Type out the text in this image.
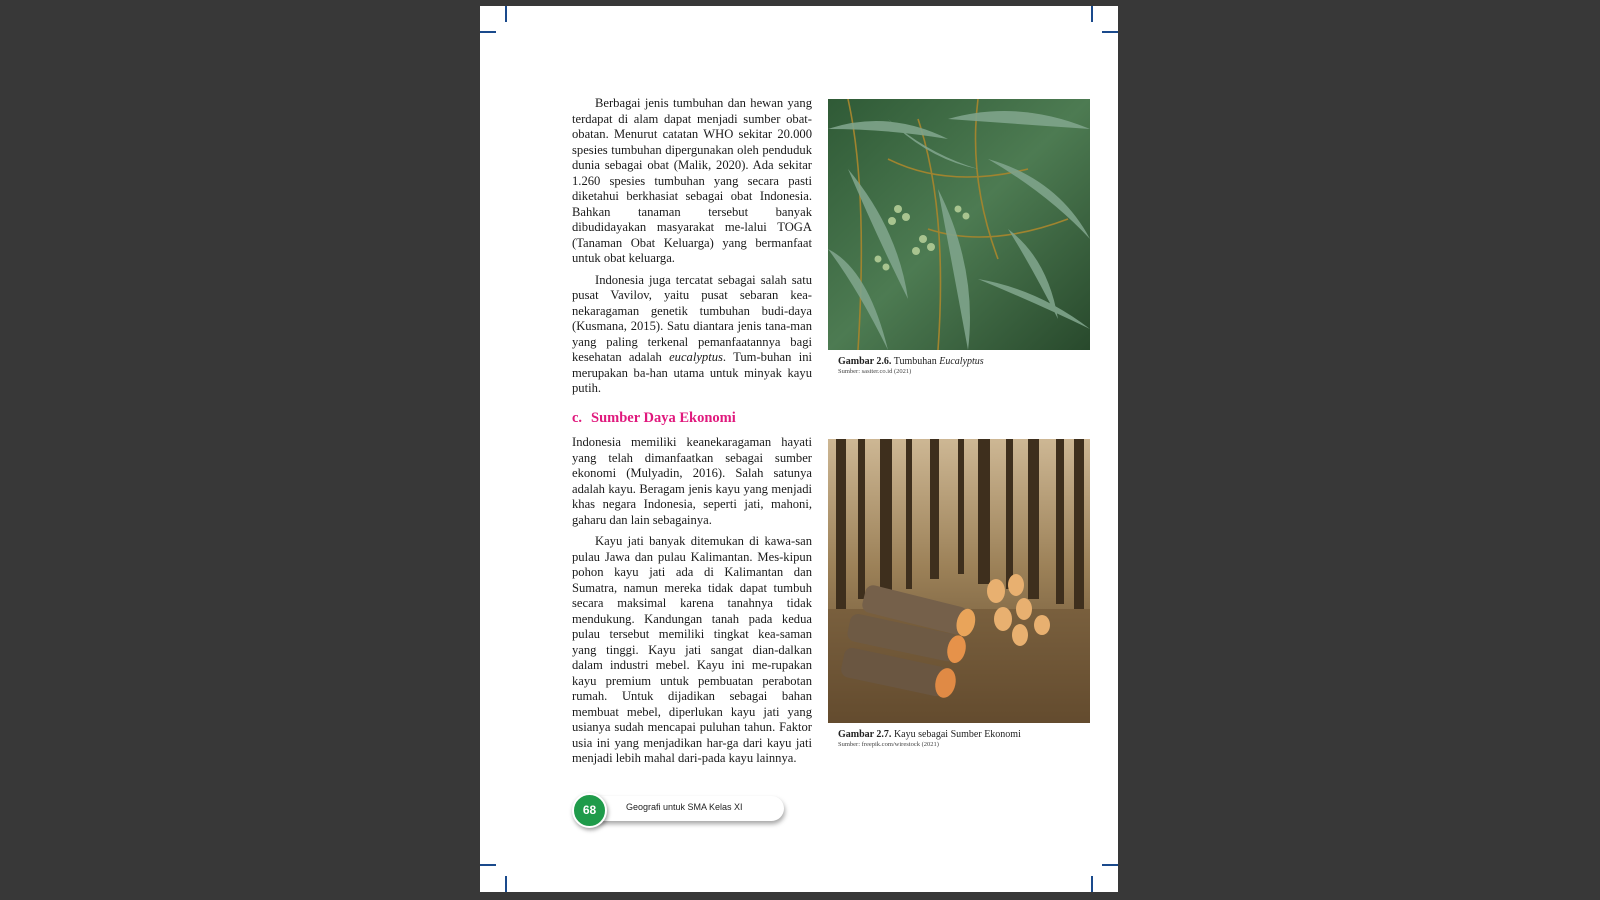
Berbagai jenis tumbuhan dan hewan yang terdapat di alam dapat menjadi sumber obat-obatan. Menurut catatan WHO sekitar 20.000 spesies tumbuhan dipergunakan oleh penduduk dunia sebagai obat (Malik, 2020). Ada sekitar 1.260 spesies tumbuhan yang secara pasti diketahui berkhasiat sebagai obat Indonesia. Bahkan tanaman tersebut banyak dibudidayakan masyarakat me-lalui TOGA (Tanaman Obat Keluarga) yang bermanfaat untuk obat keluarga.

Indonesia juga tercatat sebagai salah satu pusat Vavilov, yaitu pusat sebaran kea-nekaragaman genetik tumbuhan budi-daya (Kusmana, 2015). Satu diantara jenis tana-man yang paling terkenal pemanfaatannya bagi kesehatan adalah eucalyptus. Tum-buhan ini merupakan ba-han utama untuk minyak kayu putih.

c. Sumber Daya Ekonomi

Indonesia memiliki keanekaragaman hayati yang telah dimanfaatkan sebagai sumber ekonomi (Mulyadin, 2016). Salah satunya adalah kayu. Beragam jenis kayu yang menjadi khas negara Indonesia, seperti jati, mahoni, gaharu dan lain sebagainya.

Kayu jati banyak ditemukan di kawa-san pulau Jawa dan pulau Kalimantan. Mes-kipun pohon kayu jati ada di Kalimantan dan Sumatra, namun mereka tidak dapat tumbuh secara maksimal karena tanahnya tidak mendukung. Kandungan tanah pada kedua pulau tersebut memiliki tingkat kea-saman yang tinggi. Kayu jati sangat dian-dalkan dalam industri mebel. Kayu ini me-rupakan kayu premium untuk pembuatan perabotan rumah. Untuk dijadikan sebagai bahan membuat mebel, diperlukan kayu jati yang usianya sudah mencapai puluhan tahun. Faktor usia ini yang menjadikan har-ga dari kayu jati menjadi lebih mahal dari-pada kayu lainnya.

Gambar 2.6. Tumbuhan Eucalyptus
Sumber: sasiter.co.id (2021)
Gambar 2.7. Kayu sebagai Sumber Ekonomi
Sumber: freepik.com/wirestock (2021)
Geografi untuk SMA Kelas XI
68
